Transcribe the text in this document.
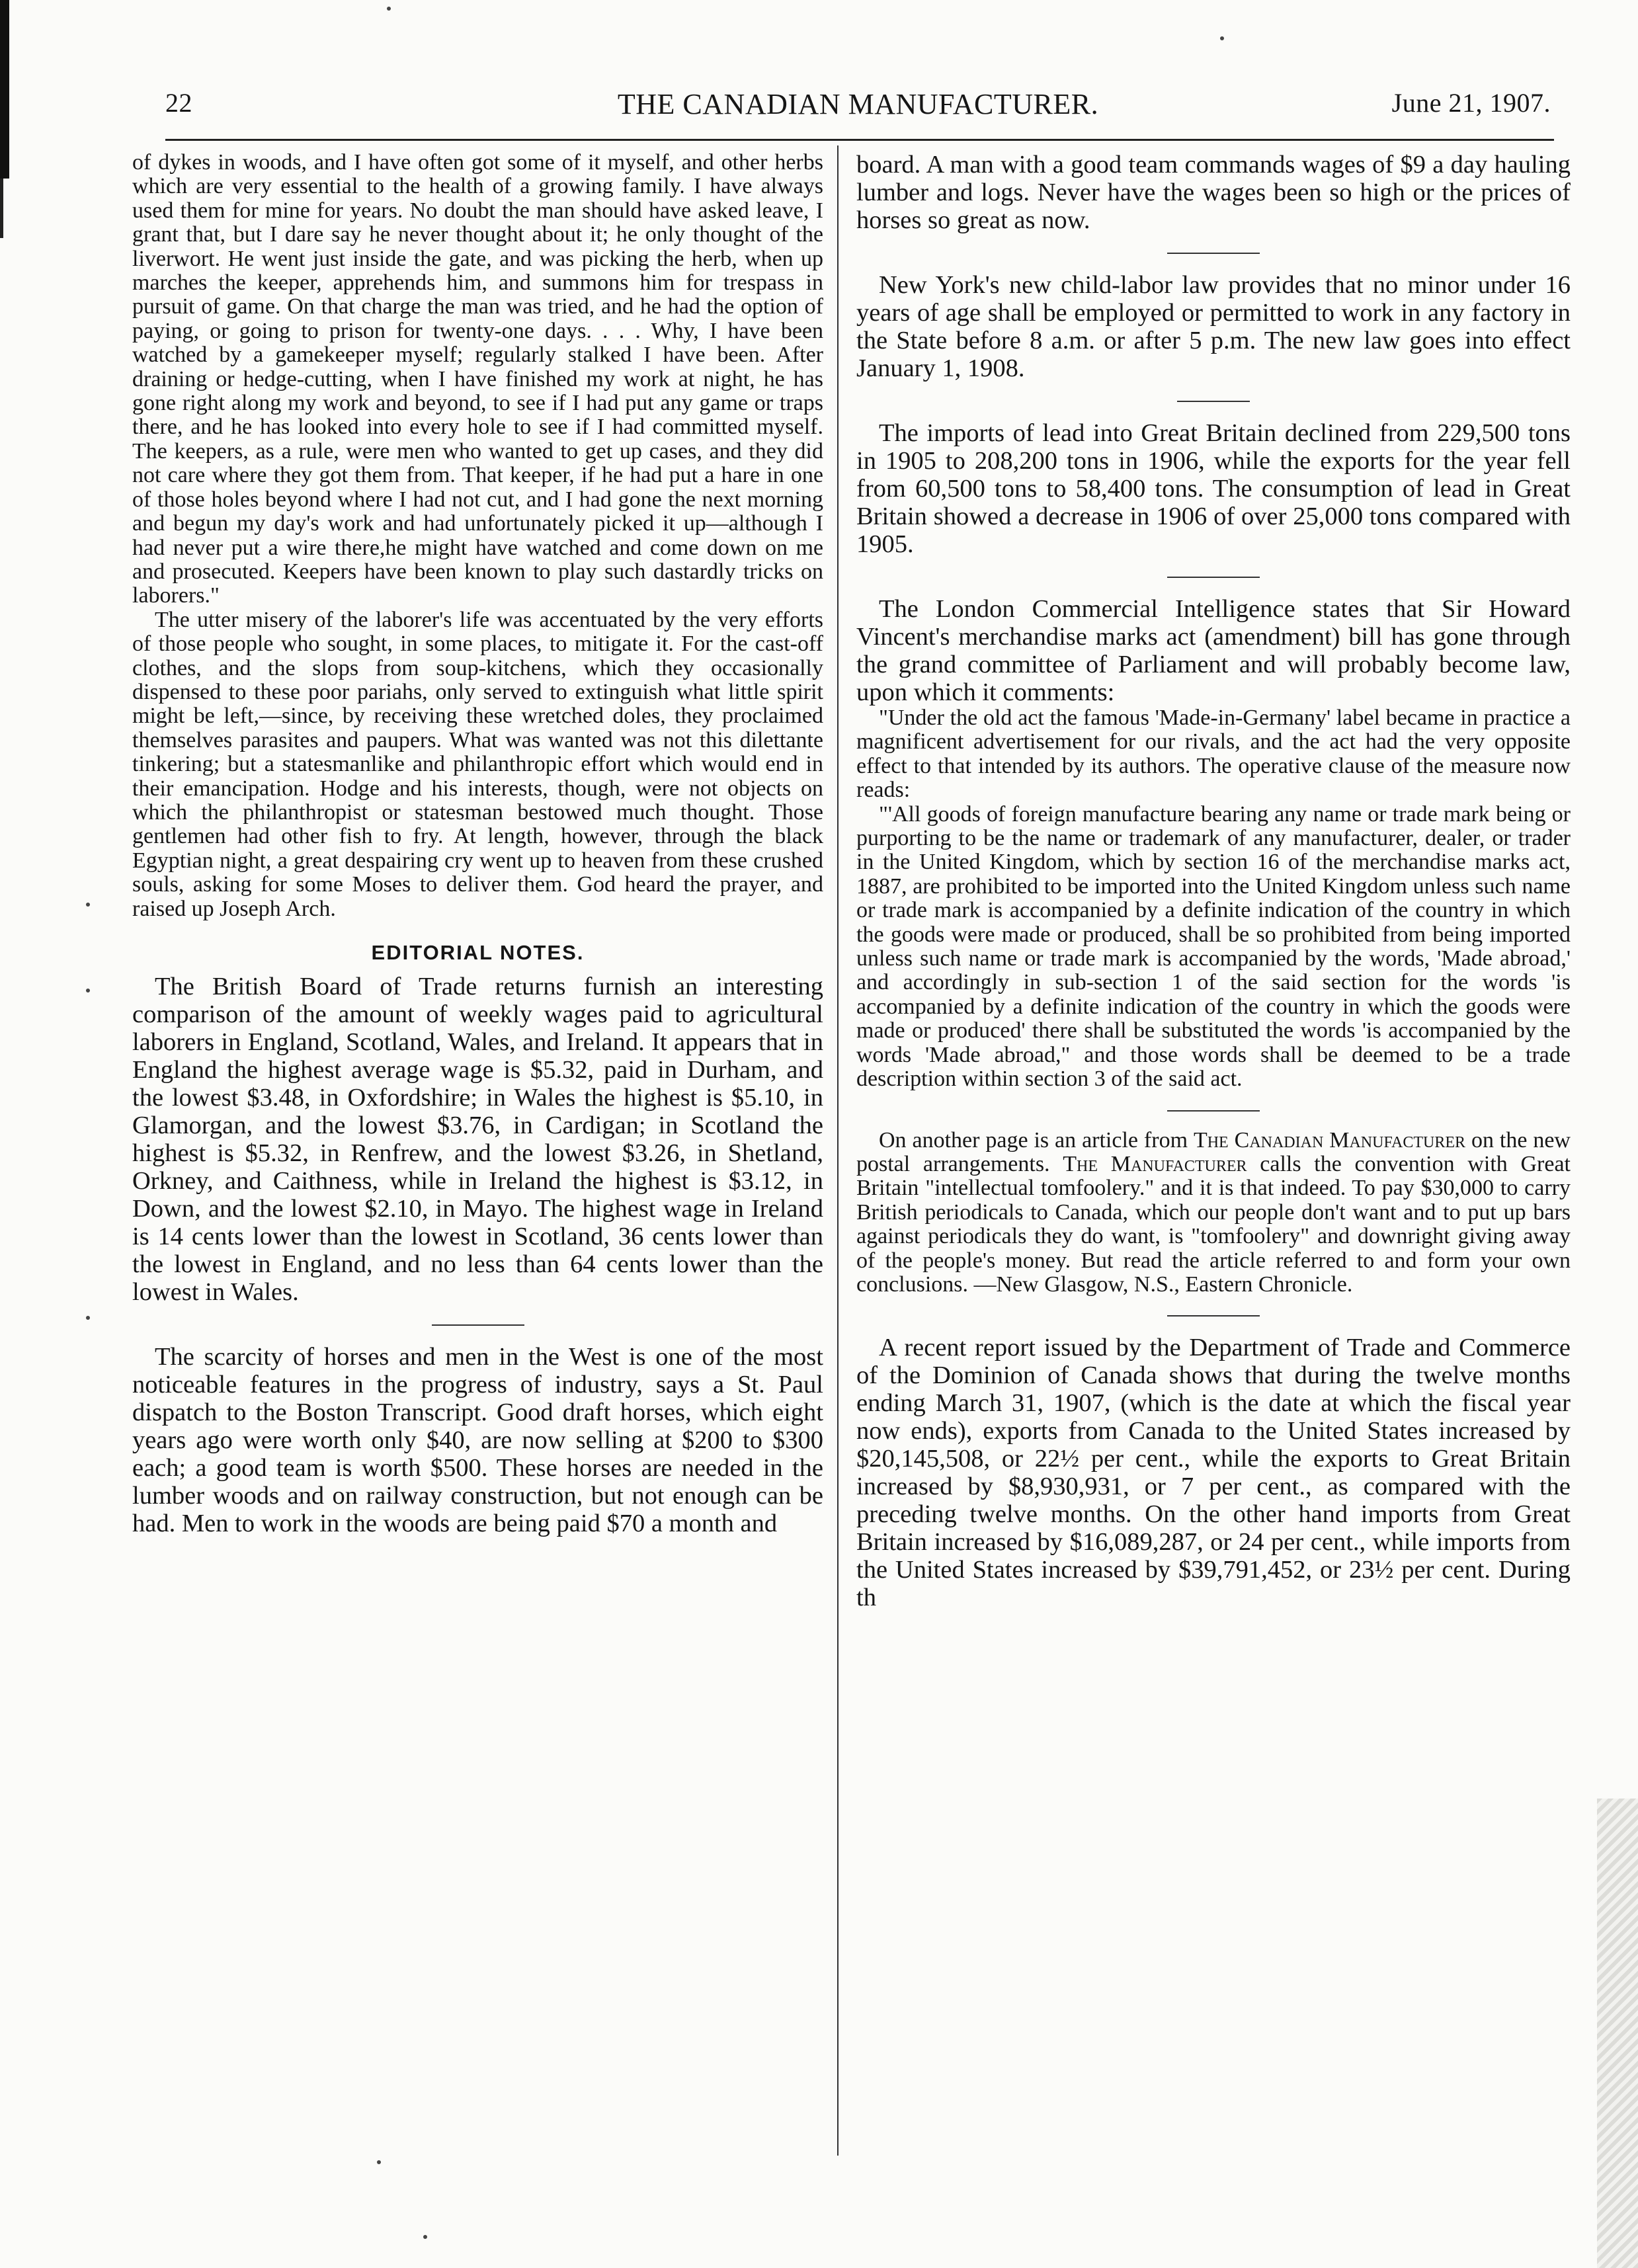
22	THE CANADIAN MANUFACTURER.	June 21, 1907.

of dykes in woods, and I have often got some of it myself, and other herbs which are very essential to the health of a growing family. I have always used them for mine for years. No doubt the man should have asked leave, I grant that, but I dare say he never thought about it; he only thought of the liverwort. He went just inside the gate, and was picking the herb, when up marches the keeper, apprehends him, and summons him for trespass in pursuit of game. On that charge the man was tried, and he had the option of paying, or going to prison for twenty-one days. . . . Why, I have been watched by a gamekeeper myself; regularly stalked I have been. After draining or hedge-cutting, when I have finished my work at night, he has gone right along my work and beyond, to see if I had put any game or traps there, and he has looked into every hole to see if I had committed myself. The keepers, as a rule, were men who wanted to get up cases, and they did not care where they got them from. That keeper, if he had put a hare in one of those holes beyond where I had not cut, and I had gone the next morning and begun my day's work and had unfortunately picked it up—although I had never put a wire there,he might have watched and come down on me and prosecuted. Keepers have been known to play such dastardly tricks on laborers."

The utter misery of the laborer's life was accentuated by the very efforts of those people who sought, in some places, to mitigate it. For the cast-off clothes, and the slops from soup-kitchens, which they occasionally dispensed to these poor pariahs, only served to extinguish what little spirit might be left,—since, by receiving these wretched doles, they proclaimed themselves parasites and paupers. What was wanted was not this dilettante tinkering; but a statesmanlike and philanthropic effort which would end in their emancipation. Hodge and his interests, though, were not objects on which the philanthropist or statesman bestowed much thought. Those gentlemen had other fish to fry. At length, however, through the black Egyptian night, a great despairing cry went up to heaven from these crushed souls, asking for some Moses to deliver them. God heard the prayer, and raised up Joseph Arch.

EDITORIAL NOTES.

The British Board of Trade returns furnish an interesting comparison of the amount of weekly wages paid to agricultural laborers in England, Scotland, Wales, and Ireland. It appears that in England the highest average wage is $5.32, paid in Durham, and the lowest $3.48, in Oxfordshire; in Wales the highest is $5.10, in Glamorgan, and the lowest $3.76, in Cardigan; in Scotland the highest is $5.32, in Renfrew, and the lowest $3.26, in Shetland, Orkney, and Caithness, while in Ireland the highest is $3.12, in Down, and the lowest $2.10, in Mayo. The highest wage in Ireland is 14 cents lower than the lowest in Scotland, 36 cents lower than the lowest in England, and no less than 64 cents lower than the lowest in Wales.

The scarcity of horses and men in the West is one of the most noticeable features in the progress of industry, says a St. Paul dispatch to the Boston Transcript. Good draft horses, which eight years ago were worth only $40, are now selling at $200 to $300 each; a good team is worth $500. These horses are needed in the lumber woods and on railway construction, but not enough can be had. Men to work in the woods are being paid $70 a month and

board. A man with a good team commands wages of $9 a day hauling lumber and logs. Never have the wages been so high or the prices of horses so great as now.

New York's new child-labor law provides that no minor under 16 years of age shall be employed or permitted to work in any factory in the State before 8 a.m. or after 5 p.m. The new law goes into effect January 1, 1908.

The imports of lead into Great Britain declined from 229,500 tons in 1905 to 208,200 tons in 1906, while the exports for the year fell from 60,500 tons to 58,400 tons. The consumption of lead in Great Britain showed a decrease in 1906 of over 25,000 tons compared with 1905.

The London Commercial Intelligence states that Sir Howard Vincent's merchandise marks act (amendment) bill has gone through the grand committee of Parliament and will probably become law, upon which it comments:

"Under the old act the famous 'Made-in-Germany' label became in practice a magnificent advertisement for our rivals, and the act had the very opposite effect to that intended by its authors. The operative clause of the measure now reads:

"'All goods of foreign manufacture bearing any name or trade mark being or purporting to be the name or trademark of any manufacturer, dealer, or trader in the United Kingdom, which by section 16 of the merchandise marks act, 1887, are prohibited to be imported into the United Kingdom unless such name or trade mark is accompanied by a definite indication of the country in which the goods were made or produced, shall be so prohibited from being imported unless such name or trade mark is accompanied by the words, 'Made abroad,' and accordingly in sub-section 1 of the said section for the words 'is accompanied by a definite indication of the country in which the goods were made or produced' there shall be substituted the words 'is accompanied by the words 'Made abroad," and those words shall be deemed to be a trade description within section 3 of the said act.

On another page is an article from The Canadian Manufacturer on the new postal arrangements. The Manufacturer calls the convention with Great Britain "intellectual tomfoolery." and it is that indeed. To pay $30,000 to carry British periodicals to Canada, which our people don't want and to put up bars against periodicals they do want, is "tomfoolery" and downright giving away of the people's money. But read the article referred to and form your own conclusions. —New Glasgow, N.S., Eastern Chronicle.

A recent report issued by the Department of Trade and Commerce of the Dominion of Canada shows that during the twelve months ending March 31, 1907, (which is the date at which the fiscal year now ends), exports from Canada to the United States increased by $20,145,508, or 22½ per cent., while the exports to Great Britain increased by $8,930,931, or 7 per cent., as compared with the preceding twelve months. On the other hand imports from Great Britain increased by $16,089,287, or 24 per cent., while imports from the United States increased by $39,791,452, or 23½ per cent. During th
